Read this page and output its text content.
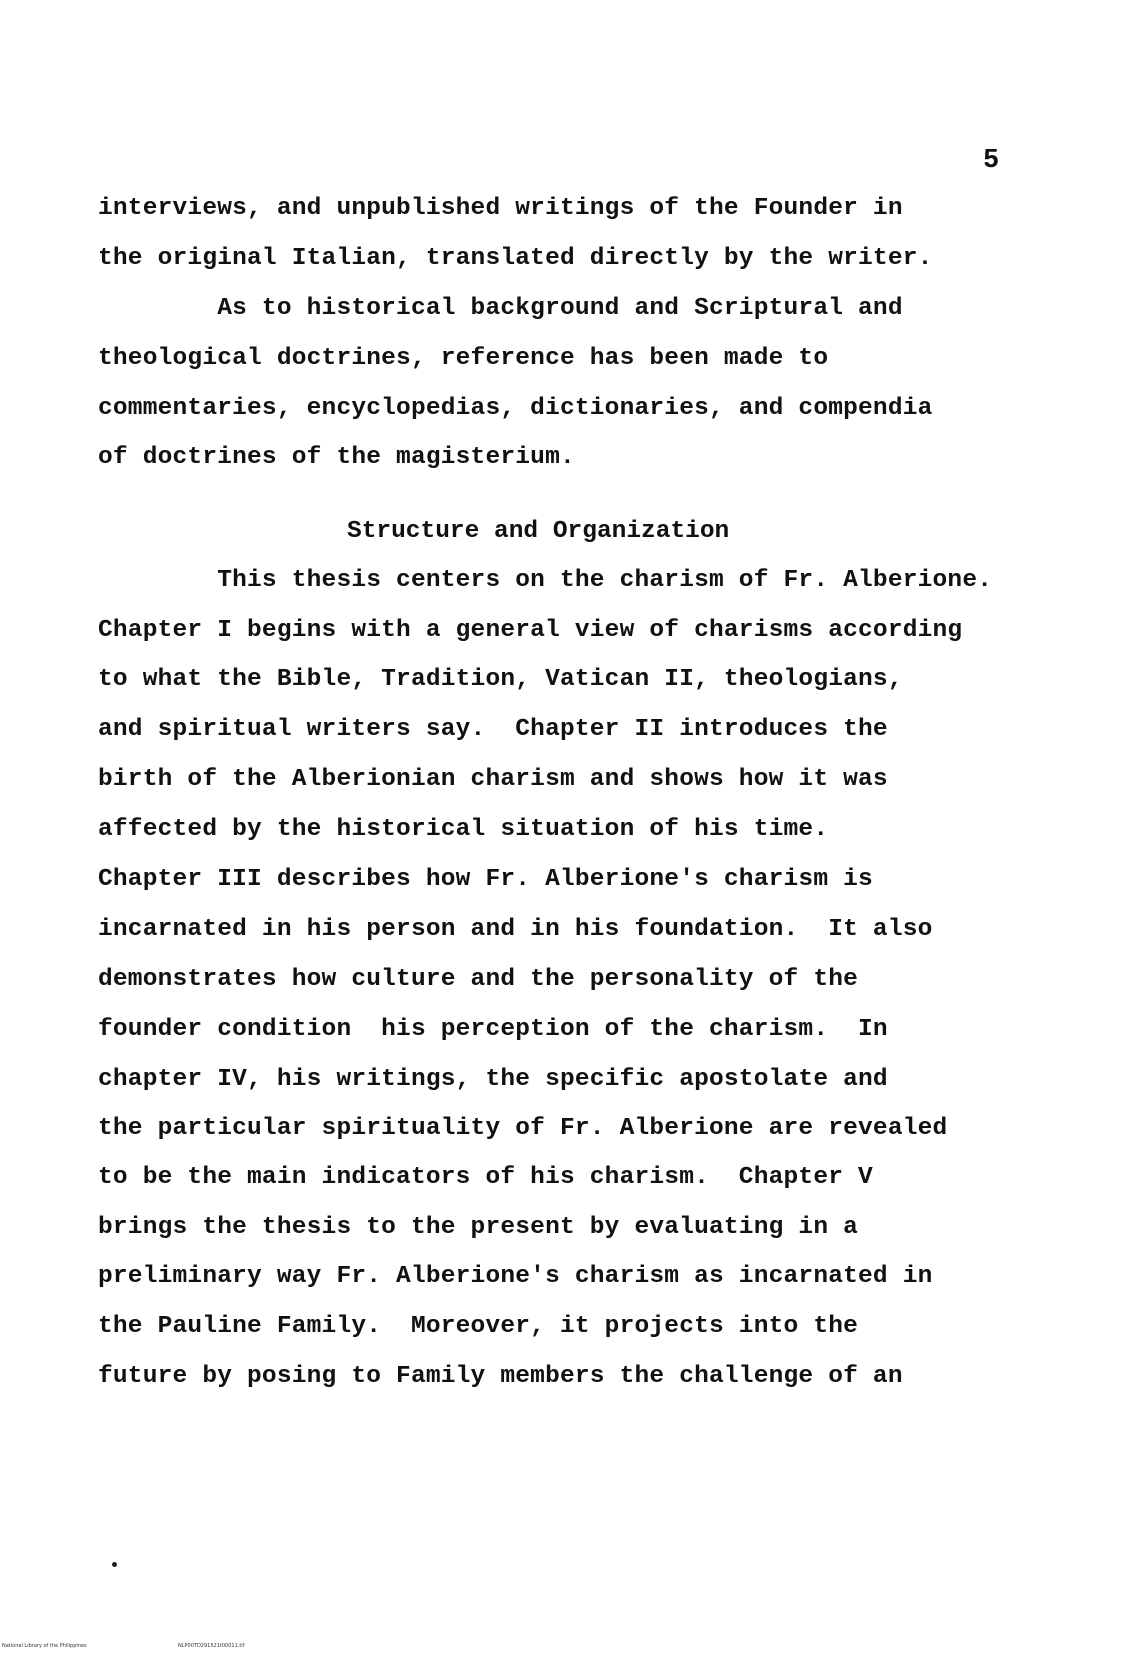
5
interviews, and unpublished writings of the Founder in
the original Italian, translated directly by the writer.
As to historical background and Scriptural and
theological doctrines, reference has been made to
commentaries, encyclopedias, dictionaries, and compendia
of doctrines of the magisterium.
Structure and Organization
This thesis centers on the charism of Fr. Alberione.
Chapter I begins with a general view of charisms according
to what the Bible, Tradition, Vatican II, theologians,
and spiritual writers say.  Chapter II introduces the
birth of the Alberionian charism and shows how it was
affected by the historical situation of his time.
Chapter III describes how Fr. Alberione's charism is
incarnated in his person and in his foundation.  It also
demonstrates how culture and the personality of the
founder condition  his perception of the charism.  In
chapter IV, his writings, the specific apostolate and
the particular spirituality of Fr. Alberione are revealed
to be the main indicators of his charism.  Chapter V
brings the thesis to the present by evaluating in a
preliminary way Fr. Alberione's charism as incarnated in
the Pauline Family.  Moreover, it projects into the
future by posing to Family members the challenge of an
National Library of the Philippines	NLP00TD291521t00011.tif
